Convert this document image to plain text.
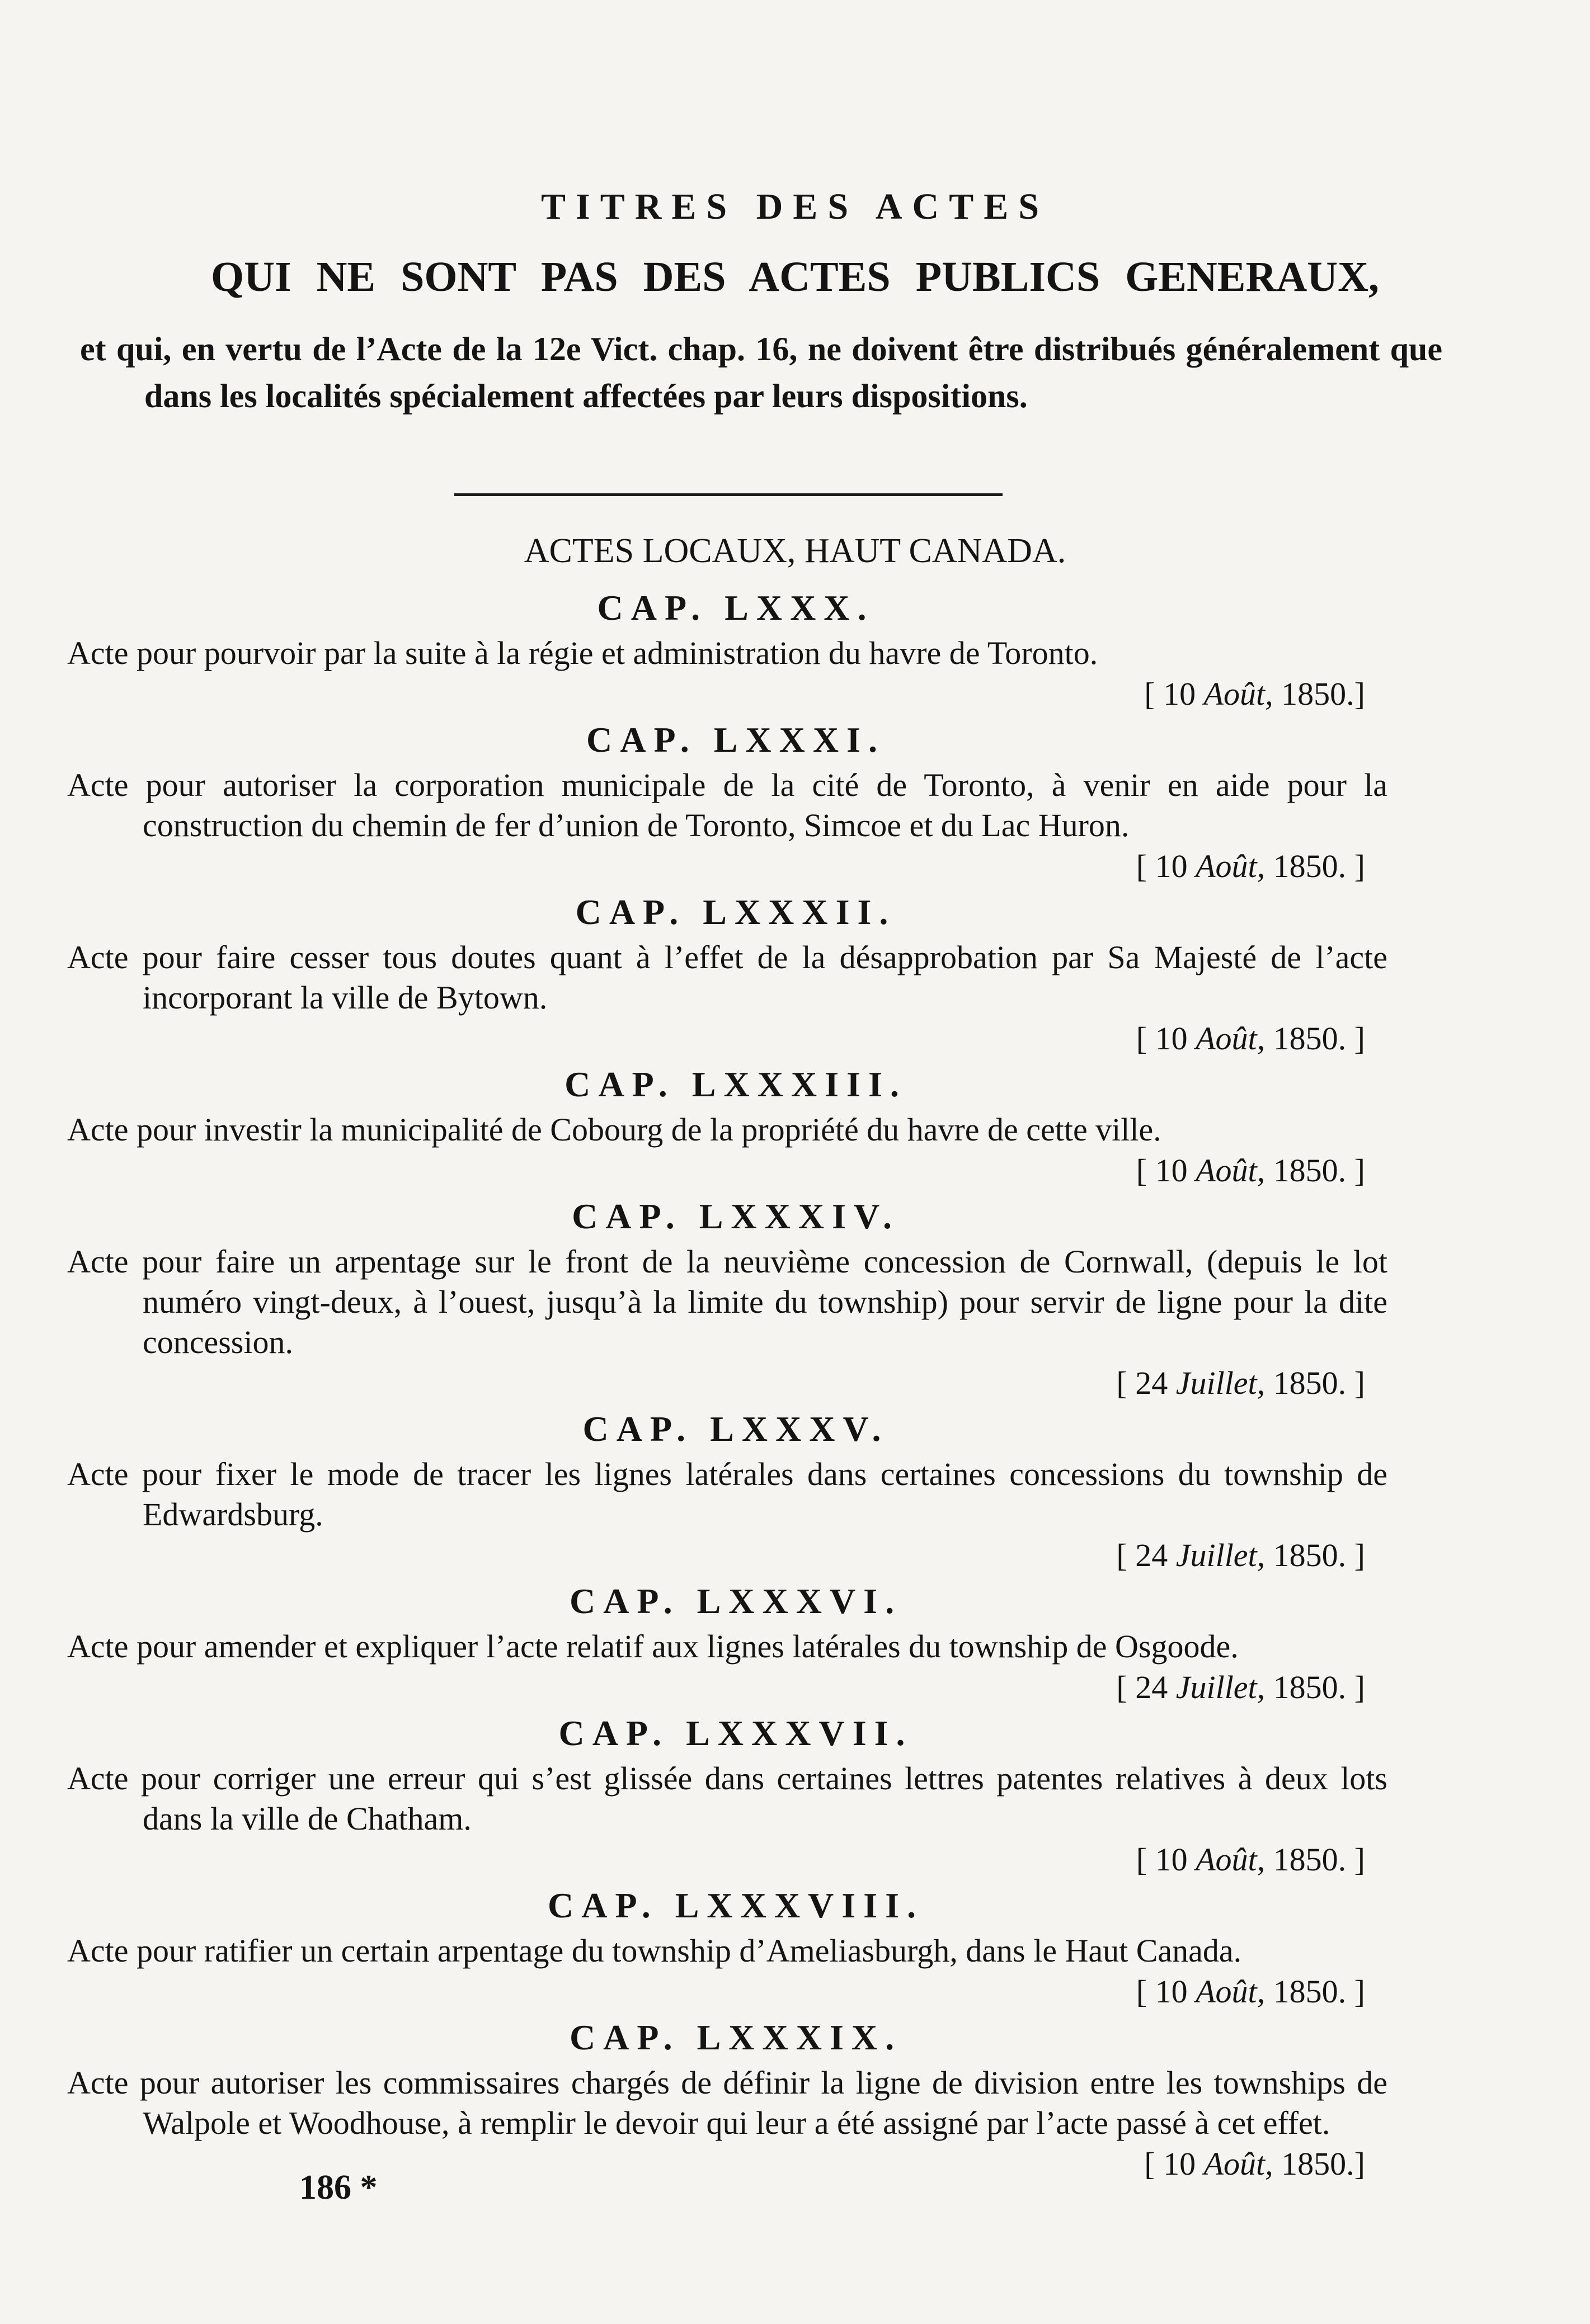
TITRES DES ACTES
QUI NE SONT PAS DES ACTES PUBLICS GENERAUX,
et qui, en vertu de l’Acte de la 12e Vict. chap. 16, ne doivent être distribués généralement que dans les localités spécialement affectées par leurs dispositions.
ACTES LOCAUX, HAUT CANADA.
CAP. LXXX.
Acte pour pourvoir par la suite à la régie et administration du havre de Toronto.
[ 10 Août, 1850.]
CAP. LXXXI.
Acte pour autoriser la corporation municipale de la cité de Toronto, à venir en aide pour la construction du chemin de fer d’union de Toronto, Simcoe et du Lac Huron.
[ 10 Août, 1850. ]
CAP. LXXXII.
Acte pour faire cesser tous doutes quant à l’effet de la désapprobation par Sa Majesté de l’acte incorporant la ville de Bytown.
[ 10 Août, 1850. ]
CAP. LXXXIII.
Acte pour investir la municipalité de Cobourg de la propriété du havre de cette ville.
[ 10 Août, 1850. ]
CAP. LXXXIV.
Acte pour faire un arpentage sur le front de la neuvième concession de Cornwall, (depuis le lot numéro vingt-deux, à l’ouest, jusqu’à la limite du township) pour servir de ligne pour la dite concession.
[ 24 Juillet, 1850. ]
CAP. LXXXV.
Acte pour fixer le mode de tracer les lignes latérales dans certaines concessions du township de Edwardsburg.
[ 24 Juillet, 1850. ]
CAP. LXXXVI.
Acte pour amender et expliquer l’acte relatif aux lignes latérales du township de Osgoode.
[ 24 Juillet, 1850. ]
CAP. LXXXVII.
Acte pour corriger une erreur qui s’est glissée dans certaines lettres patentes relatives à deux lots dans la ville de Chatham.
[ 10 Août, 1850. ]
CAP. LXXXVIII.
Acte pour ratifier un certain arpentage du township d’Ameliasburgh, dans le Haut Canada.
[ 10 Août, 1850. ]
CAP. LXXXIX.
Acte pour autoriser les commissaires chargés de définir la ligne de division entre les townships de Walpole et Woodhouse, à remplir le devoir qui leur a été assigné par l’acte passé à cet effet.
[ 10 Août, 1850.]
186 *
